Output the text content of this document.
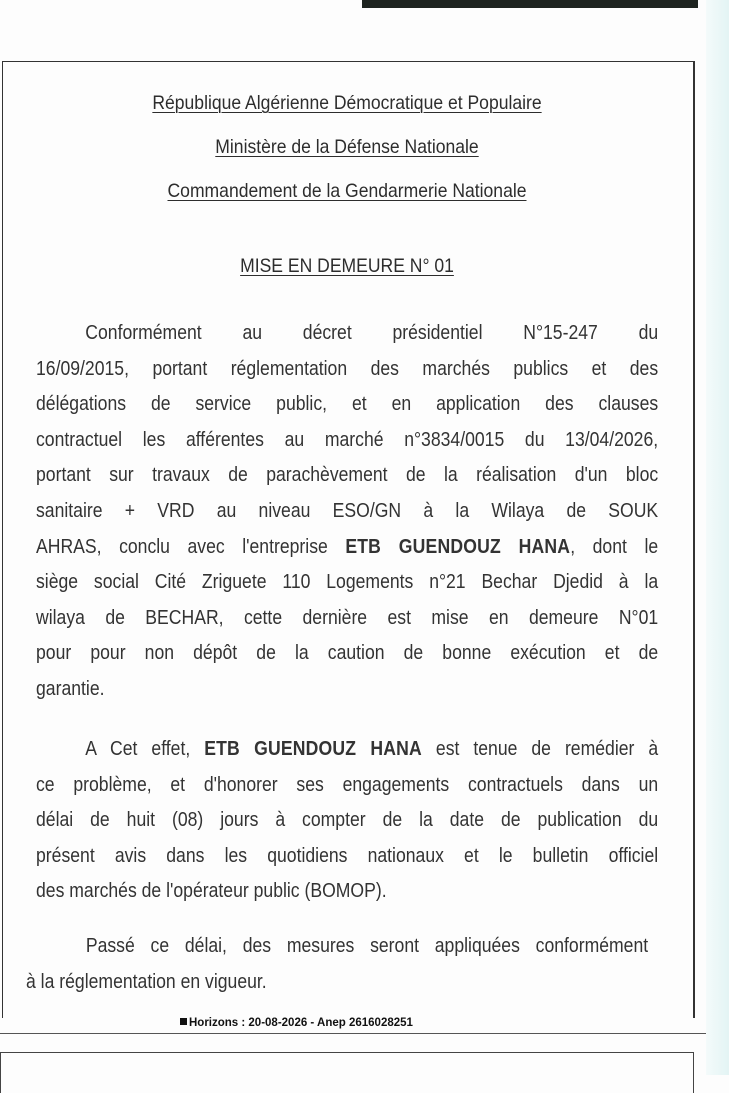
République Algérienne Démocratique et Populaire
Ministère de la Défense Nationale
Commandement de la Gendarmerie Nationale
MISE EN DEMEURE N° 01
Conformément au décret présidentiel N°15-247 du
16/09/2015, portant réglementation des marchés publics et des
délégations de service public, et en application des clauses
contractuel les afférentes au marché n°3834/0015 du 13/04/2026,
portant sur travaux de parachèvement de la réalisation d'un bloc
sanitaire + VRD au niveau ESO/GN à la Wilaya de SOUK
AHRAS, conclu avec l'entreprise ETB GUENDOUZ HANA, dont le
siège social Cité Zriguete 110 Logements n°21 Bechar Djedid à la
wilaya de BECHAR, cette dernière est mise en demeure N°01
pour pour non dépôt de la caution de bonne exécution et de
garantie.
A Cet effet, ETB GUENDOUZ HANA est tenue de remédier à
ce problème, et d'honorer ses engagements contractuels dans un
délai de huit (08) jours à compter de la date de publication du
présent avis dans les quotidiens nationaux et le bulletin officiel
des marchés de l'opérateur public (BOMOP).
Passé ce délai, des mesures seront appliquées conformément
à la réglementation en vigueur.
Horizons : 20-08-2026 - Anep 2616028251
